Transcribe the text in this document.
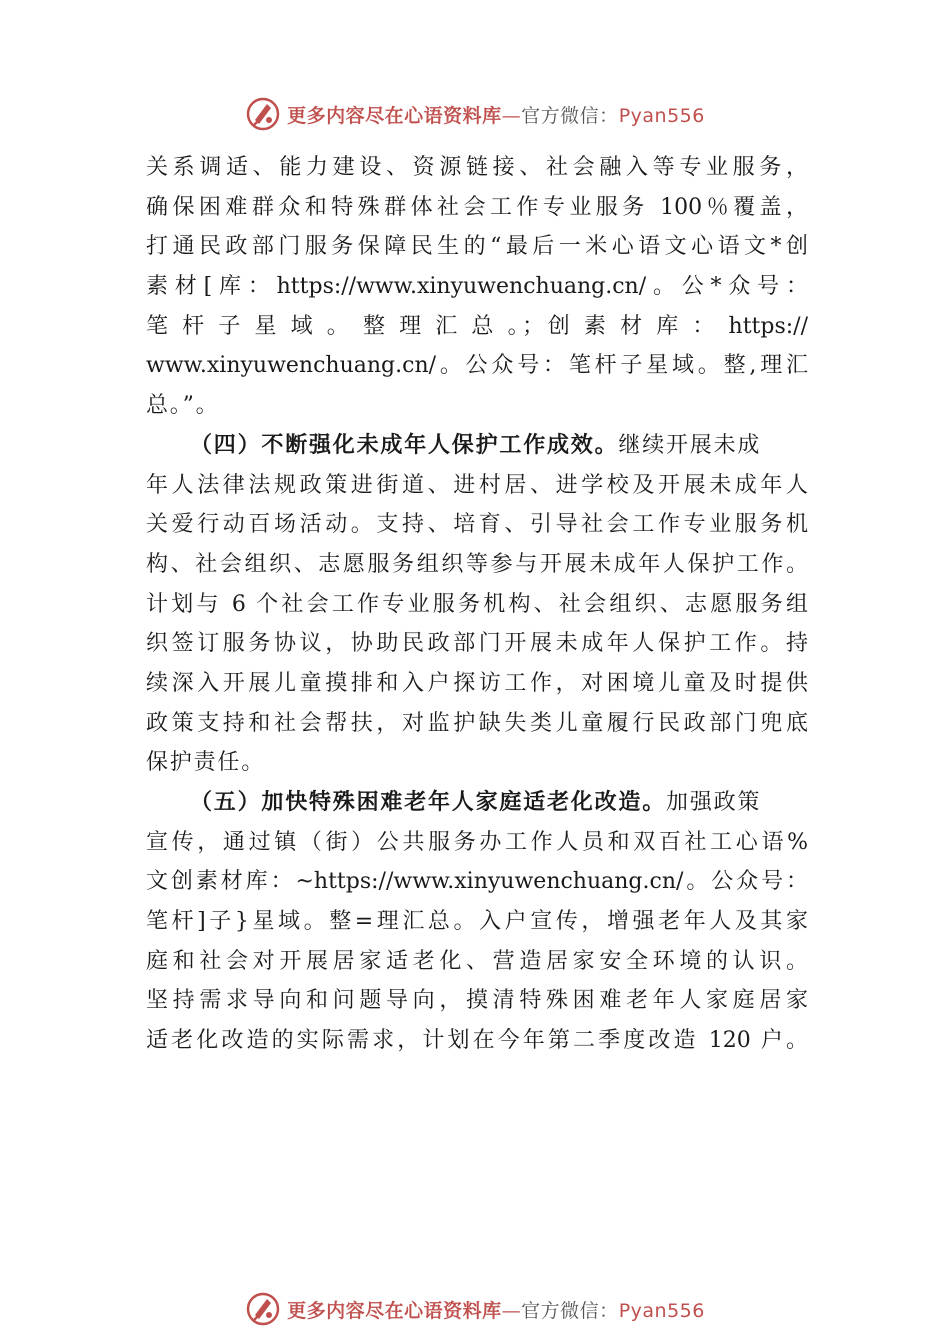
更多内容尽在心语资料库—官方微信：Pyan556
关系调适、能力建设、资源链接、社会融入等专业服务，
确保困难群众和特殊群体社会工作专业服务 100％覆盖，
打通民政部门服务保障民生的“最后一米心语文心语文*创
素材[库：https://www.xinyuwenchuang.cn/。公*众号：
笔 杆 子 星 域 。 整 理 汇 总 。；创 素 材 库 ： https://
www.xinyuwenchuang.cn/。公众号：笔杆子星域。整,理汇
总。”。
（四）不断强化未成年人保护工作成效。继续开展未成
年人法律法规政策进街道、进村居、进学校及开展未成年人
关爱行动百场活动。支持、培育、引导社会工作专业服务机
构、社会组织、志愿服务组织等参与开展未成年人保护工作。
计划与 6 个社会工作专业服务机构、社会组织、志愿服务组
织签订服务协议，协助民政部门开展未成年人保护工作。持
续深入开展儿童摸排和入户探访工作，对困境儿童及时提供
政策支持和社会帮扶，对监护缺失类儿童履行民政部门兜底
保护责任。
（五）加快特殊困难老年人家庭适老化改造。加强政策
宣传，通过镇（街）公共服务办工作人员和双百社工心语%
文创素材库：~https://www.xinyuwenchuang.cn/。公众号：
笔杆]子}星域。整=理汇总。入户宣传，增强老年人及其家
庭和社会对开展居家适老化、营造居家安全环境的认识。
坚持需求导向和问题导向，摸清特殊困难老年人家庭居家
适老化改造的实际需求，计划在今年第二季度改造 120 户。
更多内容尽在心语资料库—官方微信：Pyan556
